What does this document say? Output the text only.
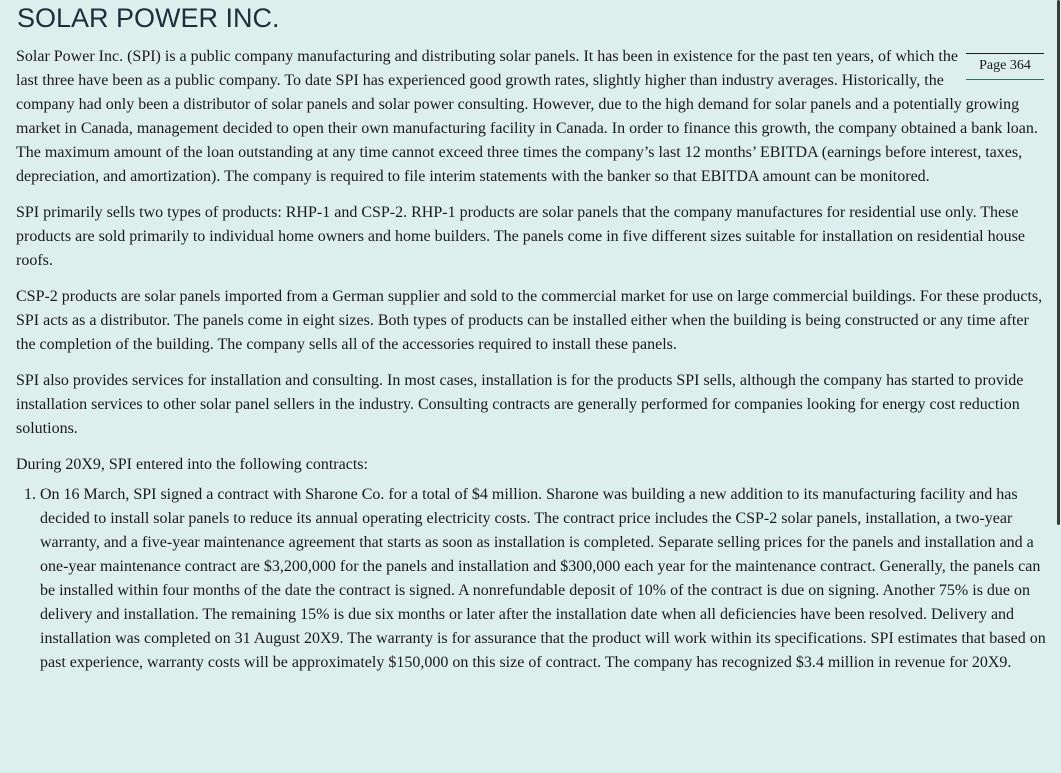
SOLAR POWER INC.
Page 364

Solar Power Inc. (SPI) is a public company manufacturing and distributing solar panels. It has been in existence for the past ten years, of which the last three have been as a public company. To date SPI has experienced good growth rates, slightly higher than industry averages. Historically, the company had only been a distributor of solar panels and solar power consulting. However, due to the high demand for solar panels and a potentially growing market in Canada, management decided to open their own manufacturing facility in Canada. In order to finance this growth, the company obtained a bank loan. The maximum amount of the loan outstanding at any time cannot exceed three times the company’s last 12 months’ EBITDA (earnings before interest, taxes, depreciation, and amortization). The company is required to file interim statements with the banker so that EBITDA amount can be monitored.

SPI primarily sells two types of products: RHP-1 and CSP-2. RHP-1 products are solar panels that the company manufactures for residential use only. These products are sold primarily to individual home owners and home builders. The panels come in five different sizes suitable for installation on residential house roofs.

CSP-2 products are solar panels imported from a German supplier and sold to the commercial market for use on large commercial buildings. For these products, SPI acts as a distributor. The panels come in eight sizes. Both types of products can be installed either when the building is being constructed or any time after the completion of the building. The company sells all of the accessories required to install these panels.

SPI also provides services for installation and consulting. In most cases, installation is for the products SPI sells, although the company has started to provide installation services to other solar panel sellers in the industry. Consulting contracts are generally performed for companies looking for energy cost reduction solutions.

During 20X9, SPI entered into the following contracts:

1. On 16 March, SPI signed a contract with Sharone Co. for a total of $4 million. Sharone was building a new addition to its manufacturing facility and has decided to install solar panels to reduce its annual operating electricity costs. The contract price includes the CSP-2 solar panels, installation, a two-year warranty, and a five-year maintenance agreement that starts as soon as installation is completed. Separate selling prices for the panels and installation and a one-year maintenance contract are $3,200,000 for the panels and installation and $300,000 each year for the maintenance contract. Generally, the panels can be installed within four months of the date the contract is signed. A nonrefundable deposit of 10% of the contract is due on signing. Another 75% is due on delivery and installation. The remaining 15% is due six months or later after the installation date when all deficiencies have been resolved. Delivery and installation was completed on 31 August 20X9. The warranty is for assurance that the product will work within its specifications. SPI estimates that based on past experience, warranty costs will be approximately $150,000 on this size of contract. The company has recognized $3.4 million in revenue for 20X9.
